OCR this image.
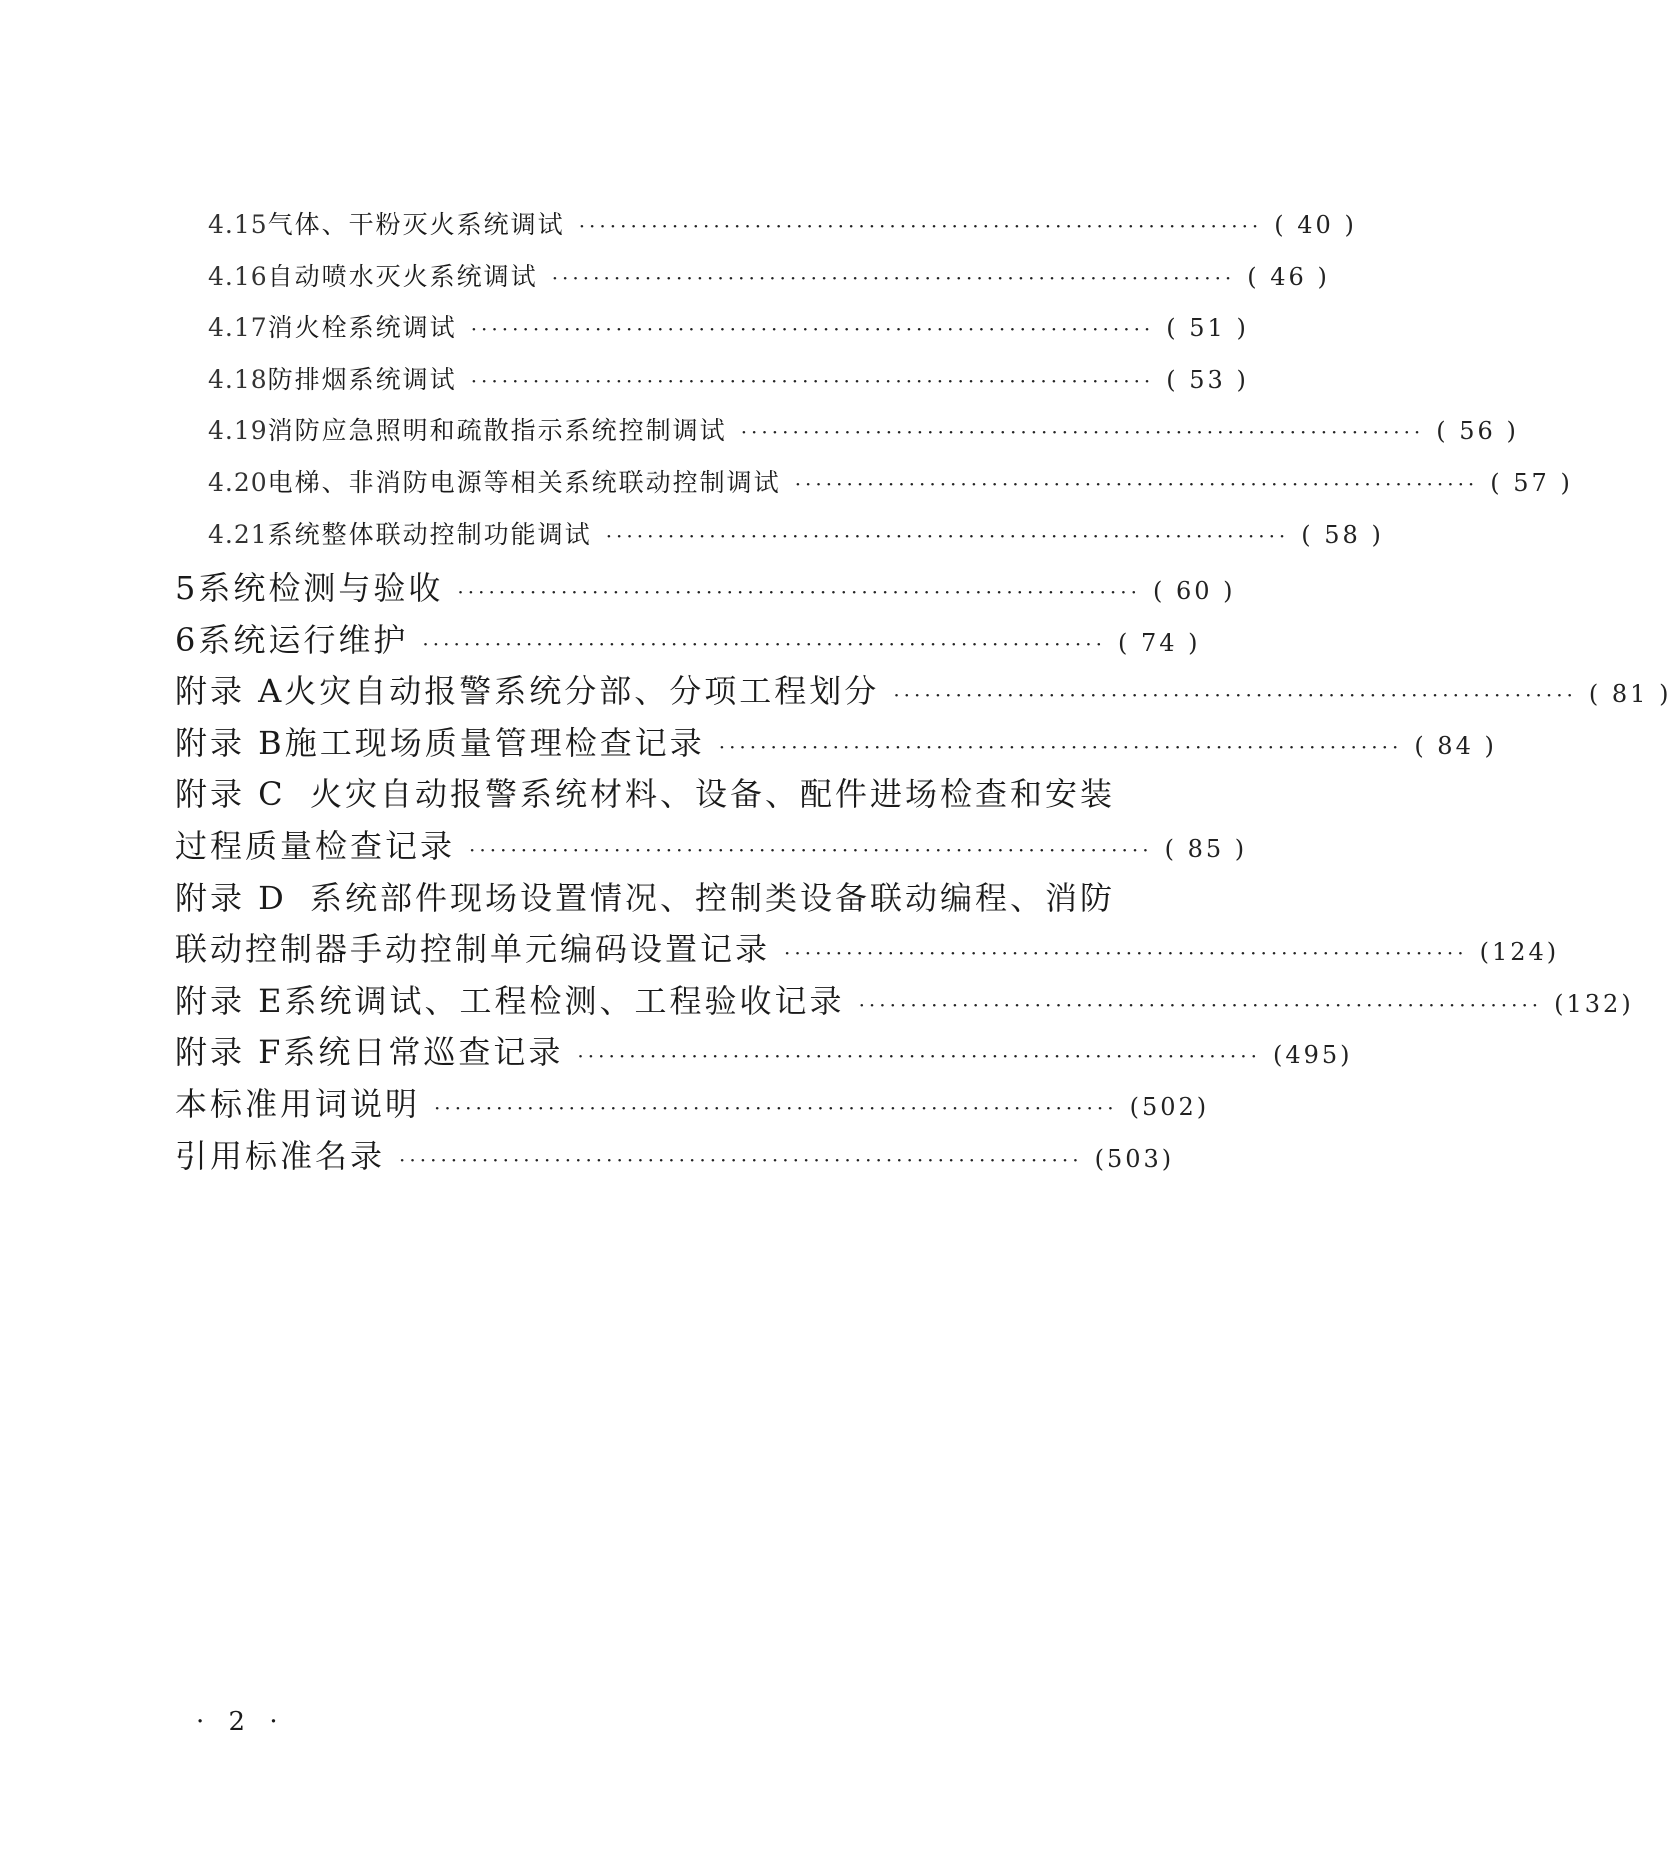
4.15 气体、干粉灭火系统调试 ·································································· ( 40 )
4.16 自动喷水灭火系统调试 ·································································· ( 46 )
4.17 消火栓系统调试 ·································································· ( 51 )
4.18 防排烟系统调试 ·································································· ( 53 )
4.19 消防应急照明和疏散指示系统控制调试 ·································································· ( 56 )
4.20 电梯、非消防电源等相关系统联动控制调试 ·································································· ( 57 )
4.21 系统整体联动控制功能调试 ·································································· ( 58 )
5 系统检测与验收 ·································································· ( 60 )
6 系统运行维护 ·································································· ( 74 )
附录 A 火灾自动报警系统分部、分项工程划分 ·································································· ( 81 )
附录 B 施工现场质量管理检查记录 ·································································· ( 84 )
附录 C 火灾自动报警系统材料、设备、配件进场检查和安装
过程质量检查记录 ·································································· ( 85 )
附录 D 系统部件现场设置情况、控制类设备联动编程、消防
联动控制器手动控制单元编码设置记录 ·································································· (124)
附录 E 系统调试、工程检测、工程验收记录 ·································································· (132)
附录 F 系统日常巡查记录 ·································································· (495)
本标准用词说明 ·································································· (502)
引用标准名录 ·································································· (503)
· 2 ·
